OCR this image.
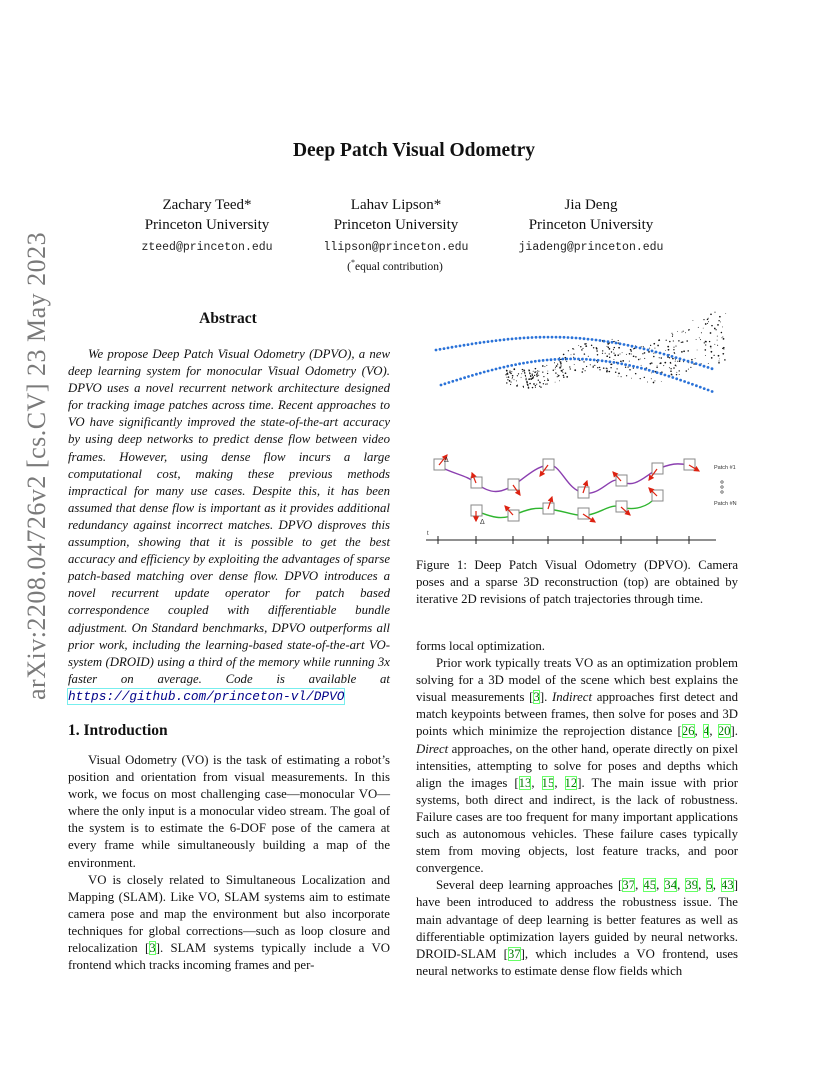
arXiv:2208.04726v2 [cs.CV] 23 May 2023
Deep Patch Visual Odometry
Zachary Teed*
Princeton University
zteed@princeton.edu
Lahav Lipson*
Princeton University
llipson@princeton.edu
Jia Deng
Princeton University
jiadeng@princeton.edu
(*equal contribution)
Abstract
We propose Deep Patch Visual Odometry (DPVO), a new deep learning system for monocular Visual Odometry (VO). DPVO uses a novel recurrent network architecture designed for tracking image patches across time. Recent approaches to VO have significantly improved the state-of-the-art accuracy by using deep networks to predict dense flow between video frames. However, using dense flow incurs a large computational cost, making these previous methods impractical for many use cases. Despite this, it has been assumed that dense flow is important as it provides additional redundancy against incorrect matches. DPVO disproves this assumption, showing that it is possible to get the best accuracy and efficiency by exploiting the advantages of sparse patch-based matching over dense flow. DPVO introduces a novel recurrent update operator for patch based correspondence coupled with differentiable bundle adjustment. On Standard benchmarks, DPVO outperforms all prior work, including the learning-based state-of-the-art VO-system (DROID) using a third of the memory while running 3x faster on average. Code is available at https://github.com/princeton-vl/DPVO
1. Introduction

Visual Odometry (VO) is the task of estimating a robot’s position and orientation from visual measurements. In this work, we focus on most challenging case—monocular VO—where the only input is a monocular video stream. The goal of the system is to estimate the 6-DOF pose of the camera at every frame while simultaneously building a map of the environment.

VO is closely related to Simultaneous Localization and Mapping (SLAM). Like VO, SLAM systems aim to estimate camera pose and map the environment but also incorporate techniques for global corrections—such as loop closure and relocalization [3]. SLAM systems typically include a VO frontend which tracks incoming frames and per-

Δ
Δ
Patch #1
Patch #N
t
Figure 1: Deep Patch Visual Odometry (DPVO). Camera poses and a sparse 3D reconstruction (top) are obtained by iterative 2D revisions of patch trajectories through time.

forms local optimization.

Prior work typically treats VO as an optimization problem solving for a 3D model of the scene which best explains the visual measurements [3]. Indirect approaches first detect and match keypoints between frames, then solve for poses and 3D points which minimize the reprojection distance [26, 4, 20]. Direct approaches, on the other hand, operate directly on pixel intensities, attempting to solve for poses and depths which align the images [13, 15, 12]. The main issue with prior systems, both direct and indirect, is the lack of robustness. Failure cases are too frequent for many important applications such as autonomous vehicles. These failure cases typically stem from moving objects, lost feature tracks, and poor convergence.

Several deep learning approaches [37, 45, 34, 39, 5, 43] have been introduced to address the robustness issue. The main advantage of deep learning is better features as well as differentiable optimization layers guided by neural networks. DROID-SLAM [37], which includes a VO frontend, uses neural networks to estimate dense flow fields which
